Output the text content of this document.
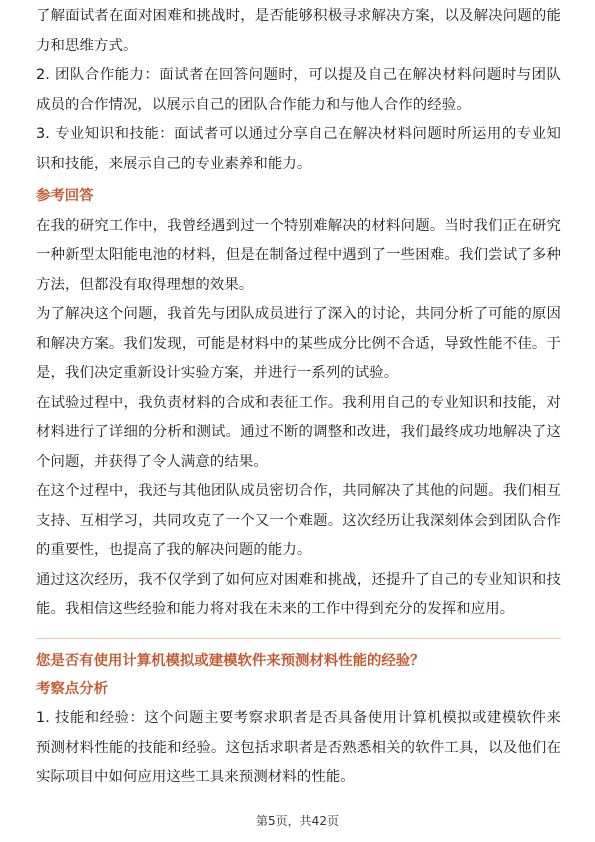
了解面试者在面对困难和挑战时，是否能够积极寻求解决方案，以及解决问题的能力和思维方式。

2. 团队合作能力：面试者在回答问题时，可以提及自己在解决材料问题时与团队成员的合作情况，以展示自己的团队合作能力和与他人合作的经验。

3. 专业知识和技能：面试者可以通过分享自己在解决材料问题时所运用的专业知识和技能，来展示自己的专业素养和能力。

参考回答

在我的研究工作中，我曾经遇到过一个特别难解决的材料问题。当时我们正在研究一种新型太阳能电池的材料，但是在制备过程中遇到了一些困难。我们尝试了多种方法，但都没有取得理想的效果。

为了解决这个问题，我首先与团队成员进行了深入的讨论，共同分析了可能的原因和解决方案。我们发现，可能是材料中的某些成分比例不合适，导致性能不佳。于是，我们决定重新设计实验方案，并进行一系列的试验。

在试验过程中，我负责材料的合成和表征工作。我利用自己的专业知识和技能，对材料进行了详细的分析和测试。通过不断的调整和改进，我们最终成功地解决了这个问题，并获得了令人满意的结果。

在这个过程中，我还与其他团队成员密切合作，共同解决了其他的问题。我们相互支持、互相学习，共同攻克了一个又一个难题。这次经历让我深刻体会到团队合作的重要性，也提高了我的解决问题的能力。

通过这次经历，我不仅学到了如何应对困难和挑战，还提升了自己的专业知识和技能。我相信这些经验和能力将对我在未来的工作中得到充分的发挥和应用。

您是否有使用计算机模拟或建模软件来预测材料性能的经验？

考察点分析

1. 技能和经验：这个问题主要考察求职者是否具备使用计算机模拟或建模软件来预测材料性能的技能和经验。这包括求职者是否熟悉相关的软件工具，以及他们在实际项目中如何应用这些工具来预测材料的性能。

第5页，共42页
